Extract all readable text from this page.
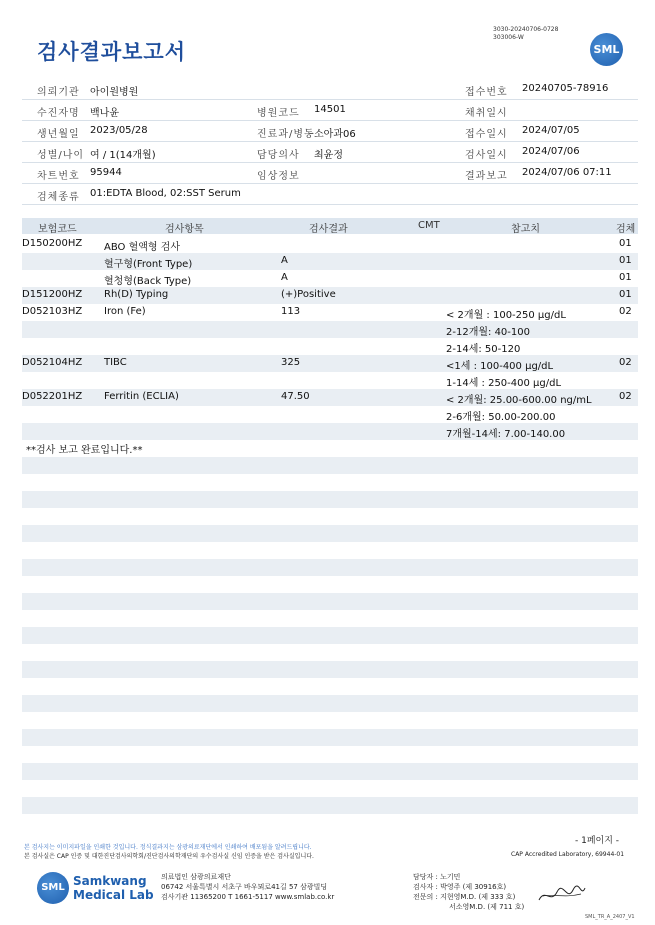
검사결과보고서
3030-20240706-0728
303006-W
SML
의뢰기관 아이원병원	접수번호 20240705-78916
수진자명 백나윤	병원코드 14501	채취일시
생년월일 2023/05/28	진료과/병동 소아과06	접수일시 2024/07/05
성별/나이 여 / 1(14개월)	담당의사 최윤정	검사일시 2024/07/06
차트번호 95944	임상정보	결과보고 2024/07/06 07:11
검체종류 01:EDTA Blood, 02:SST Serum
보험코드	검사항목	검사결과	CMT	참고치	검체
D150200HZ ABO 혈액형 검사	01
혈구형(Front Type)	A	01
혈청형(Back Type)	A	01
D151200HZ Rh(D) Typing	(+)Positive	01
D052103HZ Iron (Fe)	113	< 2개월 : 100-250 μg/dL	02
2-12개월: 40-100
2-14세: 50-120
D052104HZ TIBC	325	<1세 : 100-400 μg/dL	02
1-14세 : 250-400 μg/dL
D052201HZ Ferritin (ECLIA)	47.50	< 2개월: 25.00-600.00 ng/mL	02
2-6개월: 50.00-200.00
7개월-14세: 7.00-140.00
**검사 보고 완료입니다.**
- 1페이지 -
본 검사지는 이미지파일을 인쇄한 것입니다. 정식결과지는 삼광의료재단에서 인쇄하여 배포됨을 알려드립니다.
본 검사실은 CAP 인증 및 대한진단검사의학회/진단검사의학재단의 우수검사실 신임 인증을 받은 검사실입니다.	CAP Accredited Laboratory, 69944-01
SML Samkwang
Medical Lab
의료법인 삼광의료재단
06742 서울특별시 서초구 바우뫼로41길 57 삼광빌딩
검사기관 11365200 T 1661-5117 www.smlab.co.kr
담당자 : 노기민
검사자 : 박영주 (제 30916호)
전문의 : 지현영M.D. (제 333 호)
서소영M.D. (제 711 호)
SML_TR_A_2407_V1
